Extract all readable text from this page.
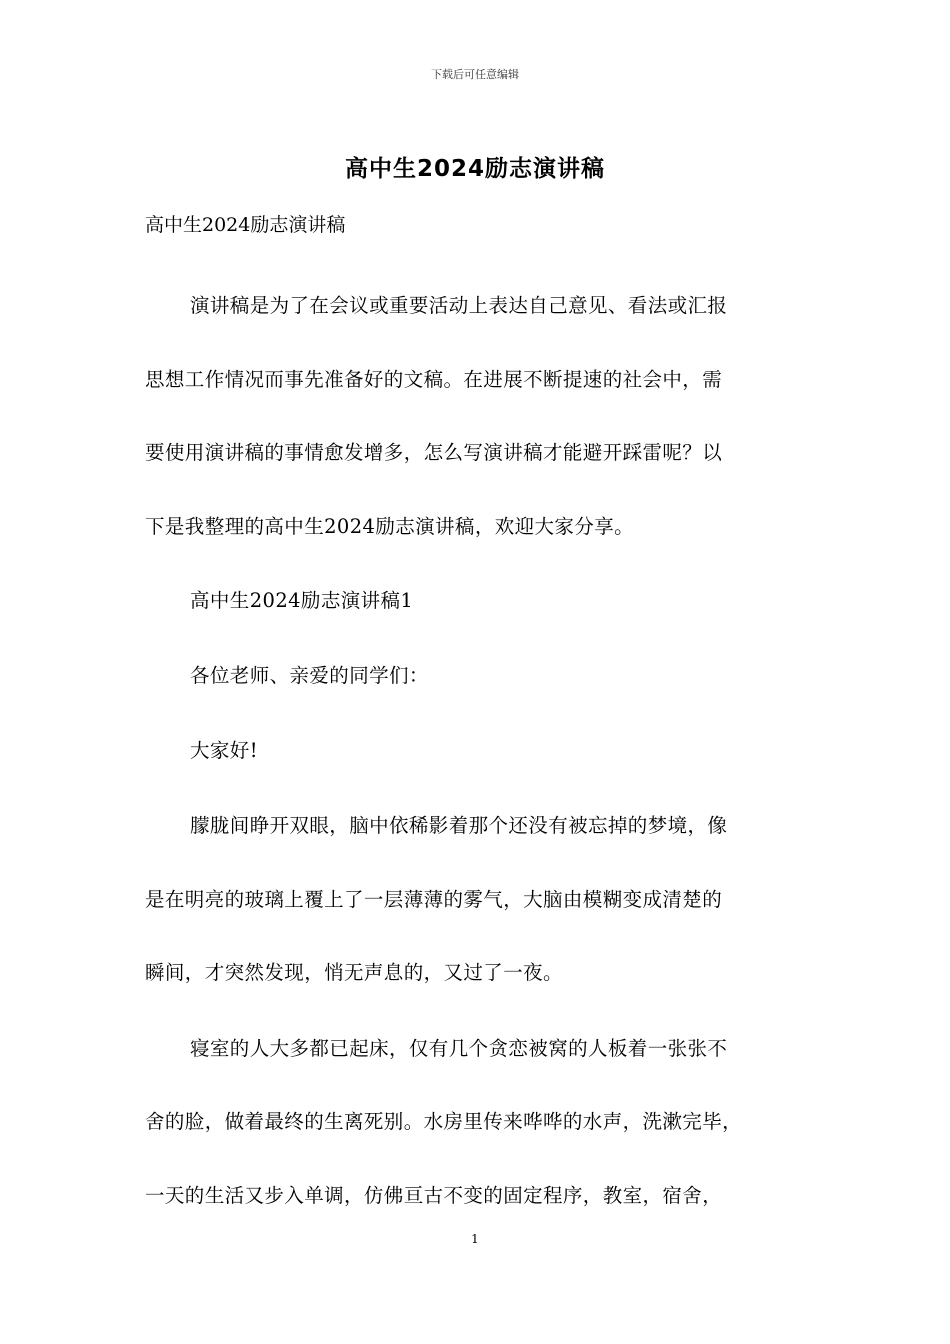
下载后可任意编辑
高中生2024励志演讲稿
高中生2024励志演讲稿
演讲稿是为了在会议或重要活动上表达自己意见、看法或汇报
思想工作情况而事先准备好的文稿。在进展不断提速的社会中，需
要使用演讲稿的事情愈发增多，怎么写演讲稿才能避开踩雷呢？以
下是我整理的高中生2024励志演讲稿，欢迎大家分享。
高中生2024励志演讲稿1
各位老师、亲爱的同学们：
大家好!
朦胧间睁开双眼，脑中依稀影着那个还没有被忘掉的梦境，像
是在明亮的玻璃上覆上了一层薄薄的雾气，大脑由模糊变成清楚的
瞬间，才突然发现，悄无声息的，又过了一夜。
寝室的人大多都已起床，仅有几个贪恋被窝的人板着一张张不
舍的脸，做着最终的生离死别。水房里传来哗哗的水声，洗漱完毕，
一天的生活又步入单调，仿佛亘古不变的固定程序，教室，宿舍，
1
